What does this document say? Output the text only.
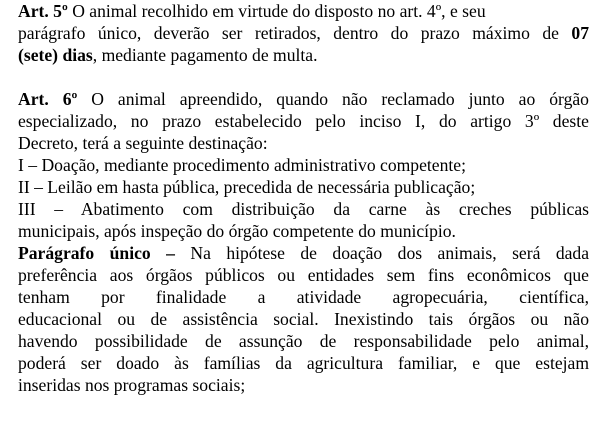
Art. 5º O animal recolhido em virtude do disposto no art. 4º, e seu
parágrafo único, deverão ser retirados, dentro do prazo máximo de 07
(sete) dias, mediante pagamento de multa.
Art. 6º O animal apreendido, quando não reclamado junto ao órgão
especializado, no prazo estabelecido pelo inciso I, do artigo 3º deste
Decreto, terá a seguinte destinação:
I – Doação, mediante procedimento administrativo competente;
II – Leilão em hasta pública, precedida de necessária publicação;
III – Abatimento com distribuição da carne às creches públicas
municipais, após inspeção do órgão competente do município.
Parágrafo único – Na hipótese de doação dos animais, será dada
preferência aos órgãos públicos ou entidades sem fins econômicos que
tenham por finalidade a atividade agropecuária, científica,
educacional ou de assistência social. Inexistindo tais órgãos ou não
havendo possibilidade de assunção de responsabilidade pelo animal,
poderá ser doado às famílias da agricultura familiar, e que estejam
inseridas nos programas sociais;
